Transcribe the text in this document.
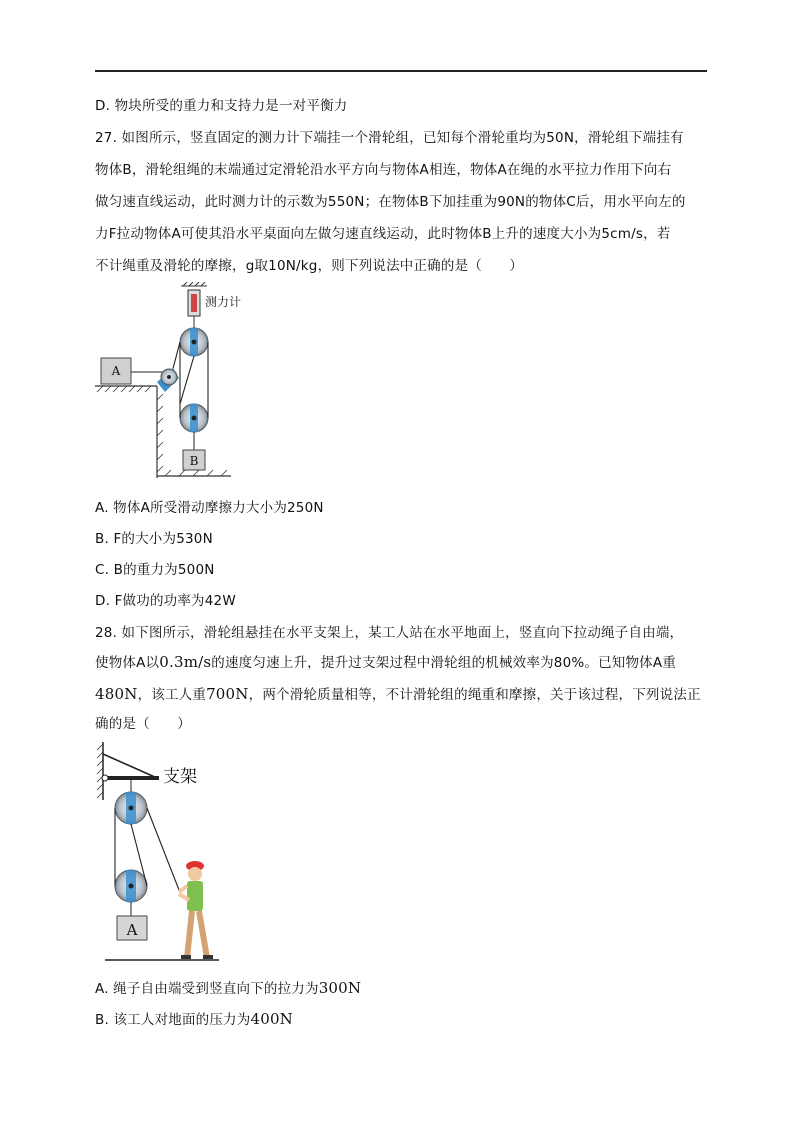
D. 物块所受的重力和支持力是一对平衡力
27. 如图所示，竖直固定的测力计下端挂一个滑轮组，已知每个滑轮重均为50N，滑轮组下端挂有
物体B，滑轮组绳的末端通过定滑轮沿水平方向与物体A相连，物体A在绳的水平拉力作用下向右
做匀速直线运动，此时测力计的示数为550N；在物体B下加挂重为90N的物体C后，用水平向左的
力F拉动物体A可使其沿水平桌面向左做匀速直线运动，此时物体B上升的速度大小为5cm/s，若
不计绳重及滑轮的摩擦，g取10N/kg，则下列说法中正确的是（　　）
测力计
A
B
A. 物体A所受滑动摩擦力大小为250N
B. F的大小为530N
C. B的重力为500N
D. F做功的功率为42W
28. 如下图所示，滑轮组悬挂在水平支架上，某工人站在水平地面上，竖直向下拉动绳子自由端，
使物体A以0.3m/s的速度匀速上升，提升过支架过程中滑轮组的机械效率为80%。已知物体A重
480N，该工人重700N，两个滑轮质量相等，不计滑轮组的绳重和摩擦，关于该过程，下列说法正
确的是（　　）
支架
A
A. 绳子自由端受到竖直向下的拉力为300N
B. 该工人对地面的压力为400N
